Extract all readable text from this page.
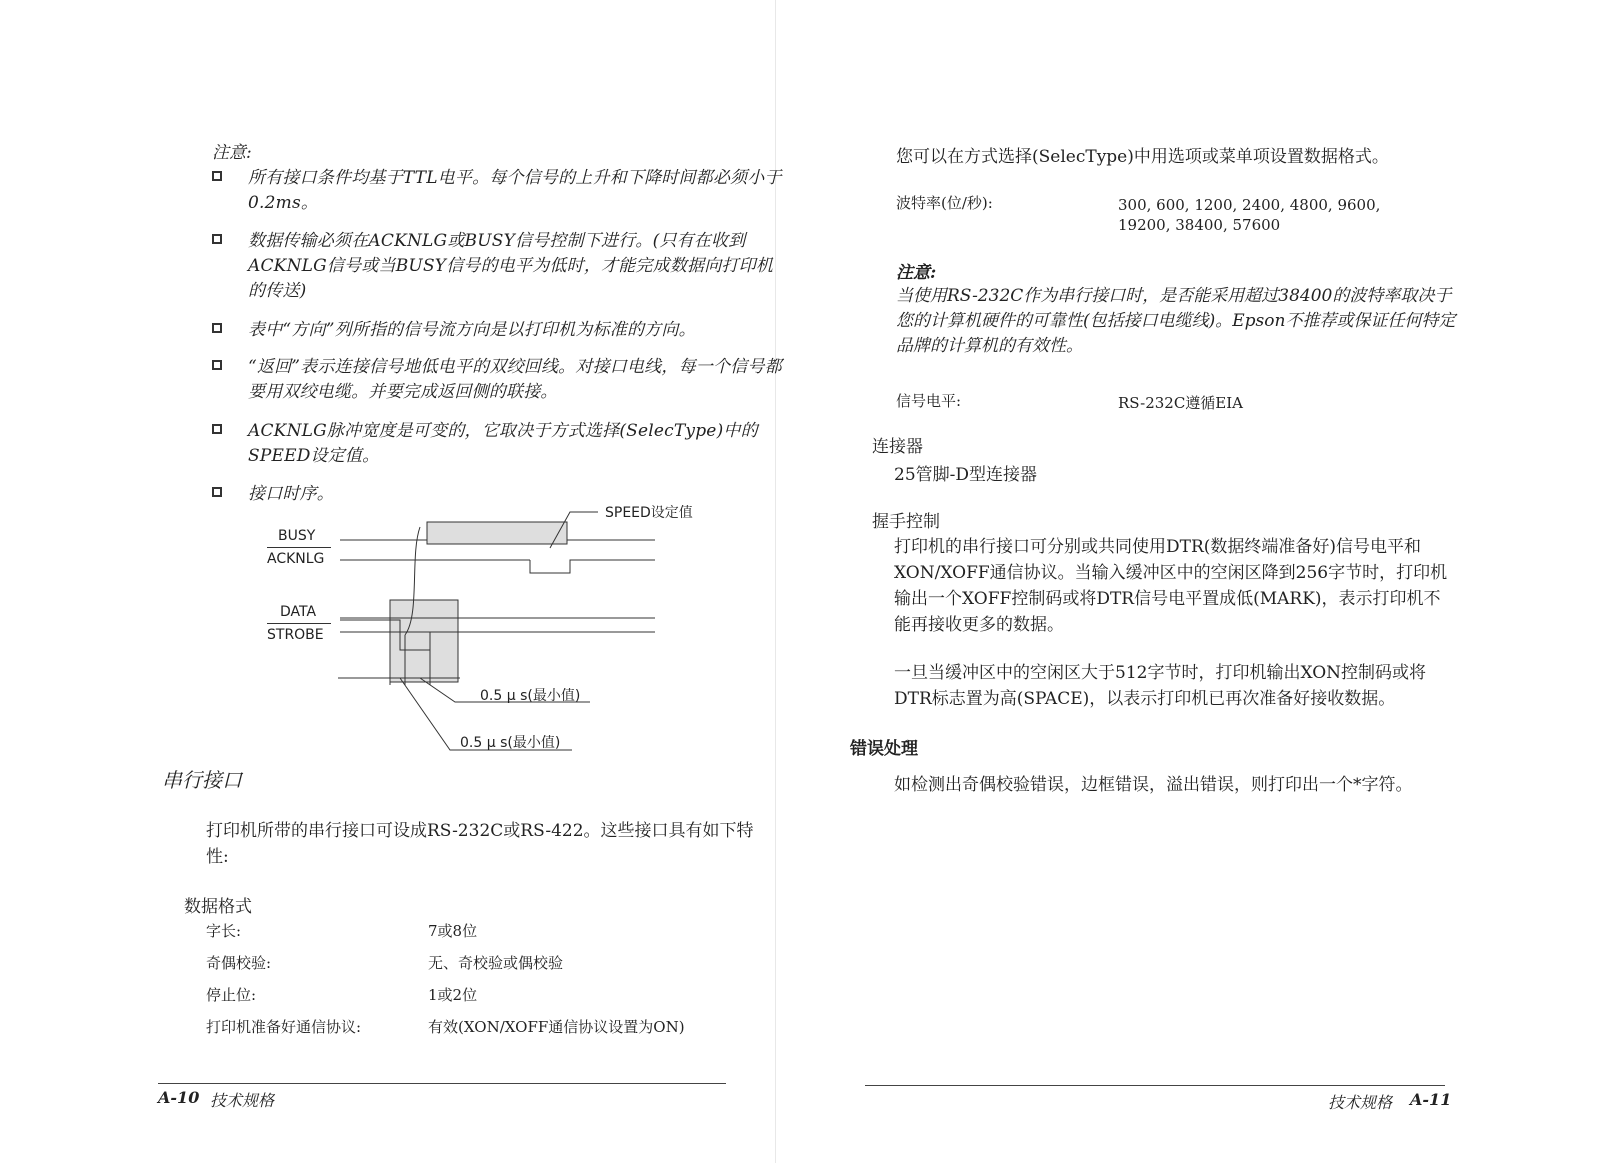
注意:
所有接口条件均基于TTL电平。每个信号的上升和下降时间都必须小于0.2ms。
数据传输必须在ACKNLG或BUSY信号控制下进行。(只有在收到ACKNLG信号或当BUSY信号的电平为低时，才能完成数据向打印机的传送)
表中“方向”列所指的信号流方向是以打印机为标准的方向。
“返回”表示连接信号地低电平的双绞回线。对接口电线，每一个信号都要用双绞电缆。并要完成返回侧的联接。
ACKNLG脉冲宽度是可变的，它取决于方式选择(SelecType)中的SPEED设定值。
接口时序。
SPEED设定值
BUSY
ACKNLG
DATA
STROBE
0.5 μ s(最小值)
0.5 μ s(最小值)
串行接口
打印机所带的串行接口可设成RS-232C或RS-422。这些接口具有如下特性:
数据格式
字长:	7或8位
奇偶校验:	无、奇校验或偶校验
停止位:	1或2位
打印机准备好通信协议:	有效(XON/XOFF通信协议设置为ON)
A-10 技术规格
您可以在方式选择(SelecType)中用选项或菜单项设置数据格式。
波特率(位/秒):	300, 600, 1200, 2400, 4800, 9600,
19200, 38400, 57600
注意:
当使用RS-232C作为串行接口时，是否能采用超过38400的波特率取决于您的计算机硬件的可靠性(包括接口电缆线)。Epson不推荐或保证任何特定品牌的计算机的有效性。
信号电平:	RS-232C遵循EIA
连接器
25管脚-D型连接器
握手控制
打印机的串行接口可分别或共同使用DTR(数据终端准备好)信号电平和XON/XOFF通信协议。当输入缓冲区中的空闲区降到256字节时，打印机输出一个XOFF控制码或将DTR信号电平置成低(MARK)，表示打印机不能再接收更多的数据。
一旦当缓冲区中的空闲区大于512字节时，打印机输出XON控制码或将DTR标志置为高(SPACE)，以表示打印机已再次准备好接收数据。
错误处理
如检测出奇偶校验错误，边框错误，溢出错误，则打印出一个*字符。
技术规格 A-11
